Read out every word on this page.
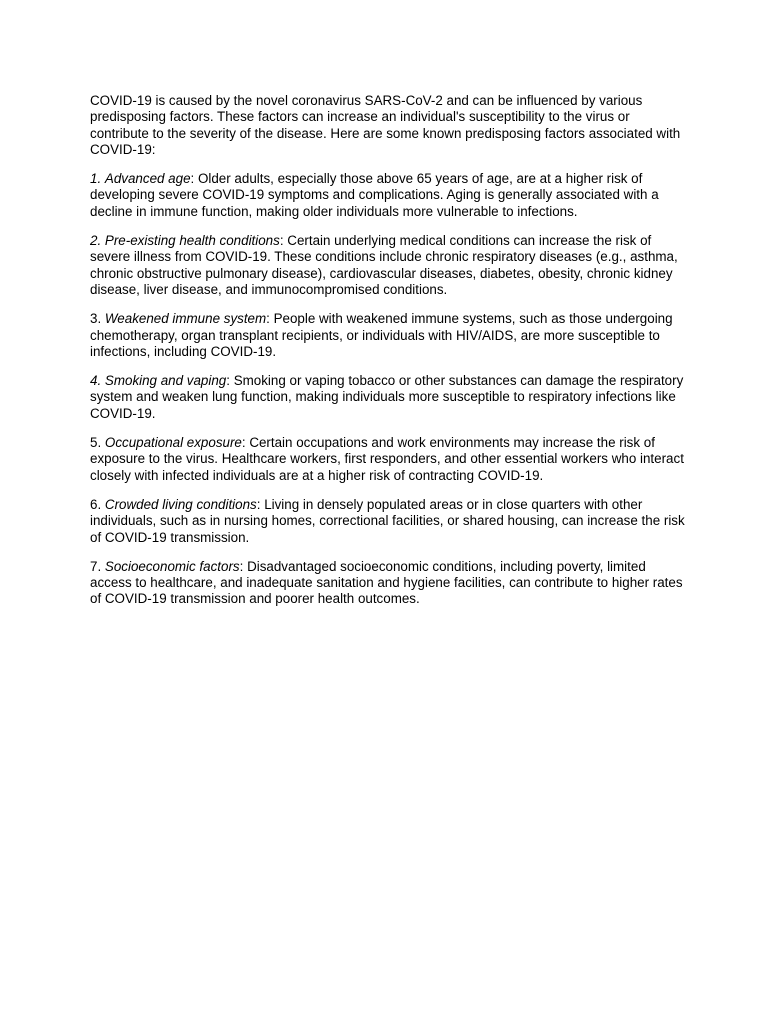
COVID-19 is caused by the novel coronavirus SARS-CoV-2 and can be influenced by various predisposing factors. These factors can increase an individual's susceptibility to the virus or contribute to the severity of the disease. Here are some known predisposing factors associated with COVID-19:

1. Advanced age: Older adults, especially those above 65 years of age, are at a higher risk of developing severe COVID-19 symptoms and complications. Aging is generally associated with a decline in immune function, making older individuals more vulnerable to infections.

2. Pre-existing health conditions: Certain underlying medical conditions can increase the risk of severe illness from COVID-19. These conditions include chronic respiratory diseases (e.g., asthma, chronic obstructive pulmonary disease), cardiovascular diseases, diabetes, obesity, chronic kidney disease, liver disease, and immunocompromised conditions.

3. Weakened immune system: People with weakened immune systems, such as those undergoing chemotherapy, organ transplant recipients, or individuals with HIV/AIDS, are more susceptible to infections, including COVID-19.

4. Smoking and vaping: Smoking or vaping tobacco or other substances can damage the respiratory system and weaken lung function, making individuals more susceptible to respiratory infections like COVID-19.

5. Occupational exposure: Certain occupations and work environments may increase the risk of exposure to the virus. Healthcare workers, first responders, and other essential workers who interact closely with infected individuals are at a higher risk of contracting COVID-19.

6. Crowded living conditions: Living in densely populated areas or in close quarters with other individuals, such as in nursing homes, correctional facilities, or shared housing, can increase the risk of COVID-19 transmission.

7. Socioeconomic factors: Disadvantaged socioeconomic conditions, including poverty, limited access to healthcare, and inadequate sanitation and hygiene facilities, can contribute to higher rates of COVID-19 transmission and poorer health outcomes.
